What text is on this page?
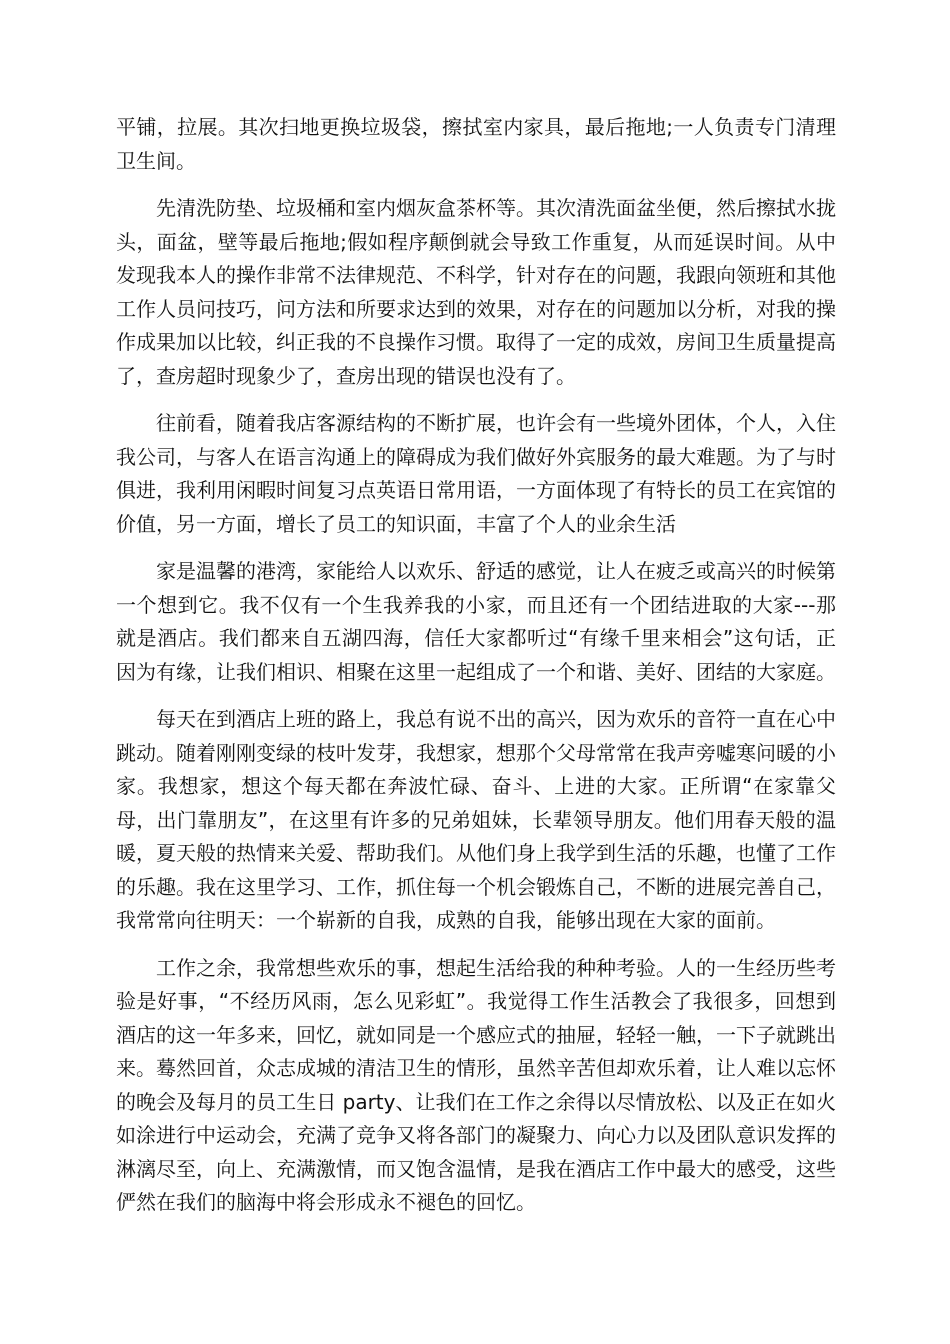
平铺，拉展。其次扫地更换垃圾袋，擦拭室内家具，最后拖地;一人负责专门清理卫生间。

先清洗防垫、垃圾桶和室内烟灰盒茶杯等。其次清洗面盆坐便，然后擦拭水拢头，面盆，壁等最后拖地;假如程序颠倒就会导致工作重复，从而延误时间。从中发现我本人的操作非常不法律规范、不科学，针对存在的问题，我跟向领班和其他工作人员问技巧，问方法和所要求达到的效果，对存在的问题加以分析，对我的操作成果加以比较，纠正我的不良操作习惯。取得了一定的成效，房间卫生质量提高了，查房超时现象少了，查房出现的错误也没有了。

往前看，随着我店客源结构的不断扩展，也许会有一些境外团体，个人，入住我公司，与客人在语言沟通上的障碍成为我们做好外宾服务的最大难题。为了与时俱进，我利用闲暇时间复习点英语日常用语，一方面体现了有特长的员工在宾馆的价值，另一方面，增长了员工的知识面，丰富了个人的业余生活

家是温馨的港湾，家能给人以欢乐、舒适的感觉，让人在疲乏或高兴的时候第一个想到它。我不仅有一个生我养我的小家，而且还有一个团结进取的大家---那就是酒店。我们都来自五湖四海，信任大家都听过“有缘千里来相会”这句话，正因为有缘，让我们相识、相聚在这里一起组成了一个和谐、美好、团结的大家庭。

每天在到酒店上班的路上，我总有说不出的高兴，因为欢乐的音符一直在心中跳动。随着刚刚变绿的枝叶发芽，我想家，想那个父母常常在我声旁嘘寒问暖的小家。我想家，想这个每天都在奔波忙碌、奋斗、上进的大家。正所谓“在家靠父母，出门靠朋友”，在这里有许多的兄弟姐妹，长辈领导朋友。他们用春天般的温暖，夏天般的热情来关爱、帮助我们。从他们身上我学到生活的乐趣，也懂了工作的乐趣。我在这里学习、工作，抓住每一个机会锻炼自己，不断的进展完善自己，我常常向往明天：一个崭新的自我，成熟的自我，能够出现在大家的面前。

工作之余，我常想些欢乐的事，想起生活给我的种种考验。人的一生经历些考验是好事，“不经历风雨，怎么见彩虹”。我觉得工作生活教会了我很多，回想到酒店的这一年多来，回忆，就如同是一个感应式的抽屉，轻轻一触，一下子就跳出来。蓦然回首，众志成城的清洁卫生的情形，虽然辛苦但却欢乐着，让人难以忘怀的晚会及每月的员工生日 party、让我们在工作之余得以尽情放松、以及正在如火如涂进行中运动会，充满了竞争又将各部门的凝聚力、向心力以及团队意识发挥的淋漓尽至，向上、充满激情，而又饱含温情，是我在酒店工作中最大的感受，这些俨然在我们的脑海中将会形成永不褪色的回忆。
